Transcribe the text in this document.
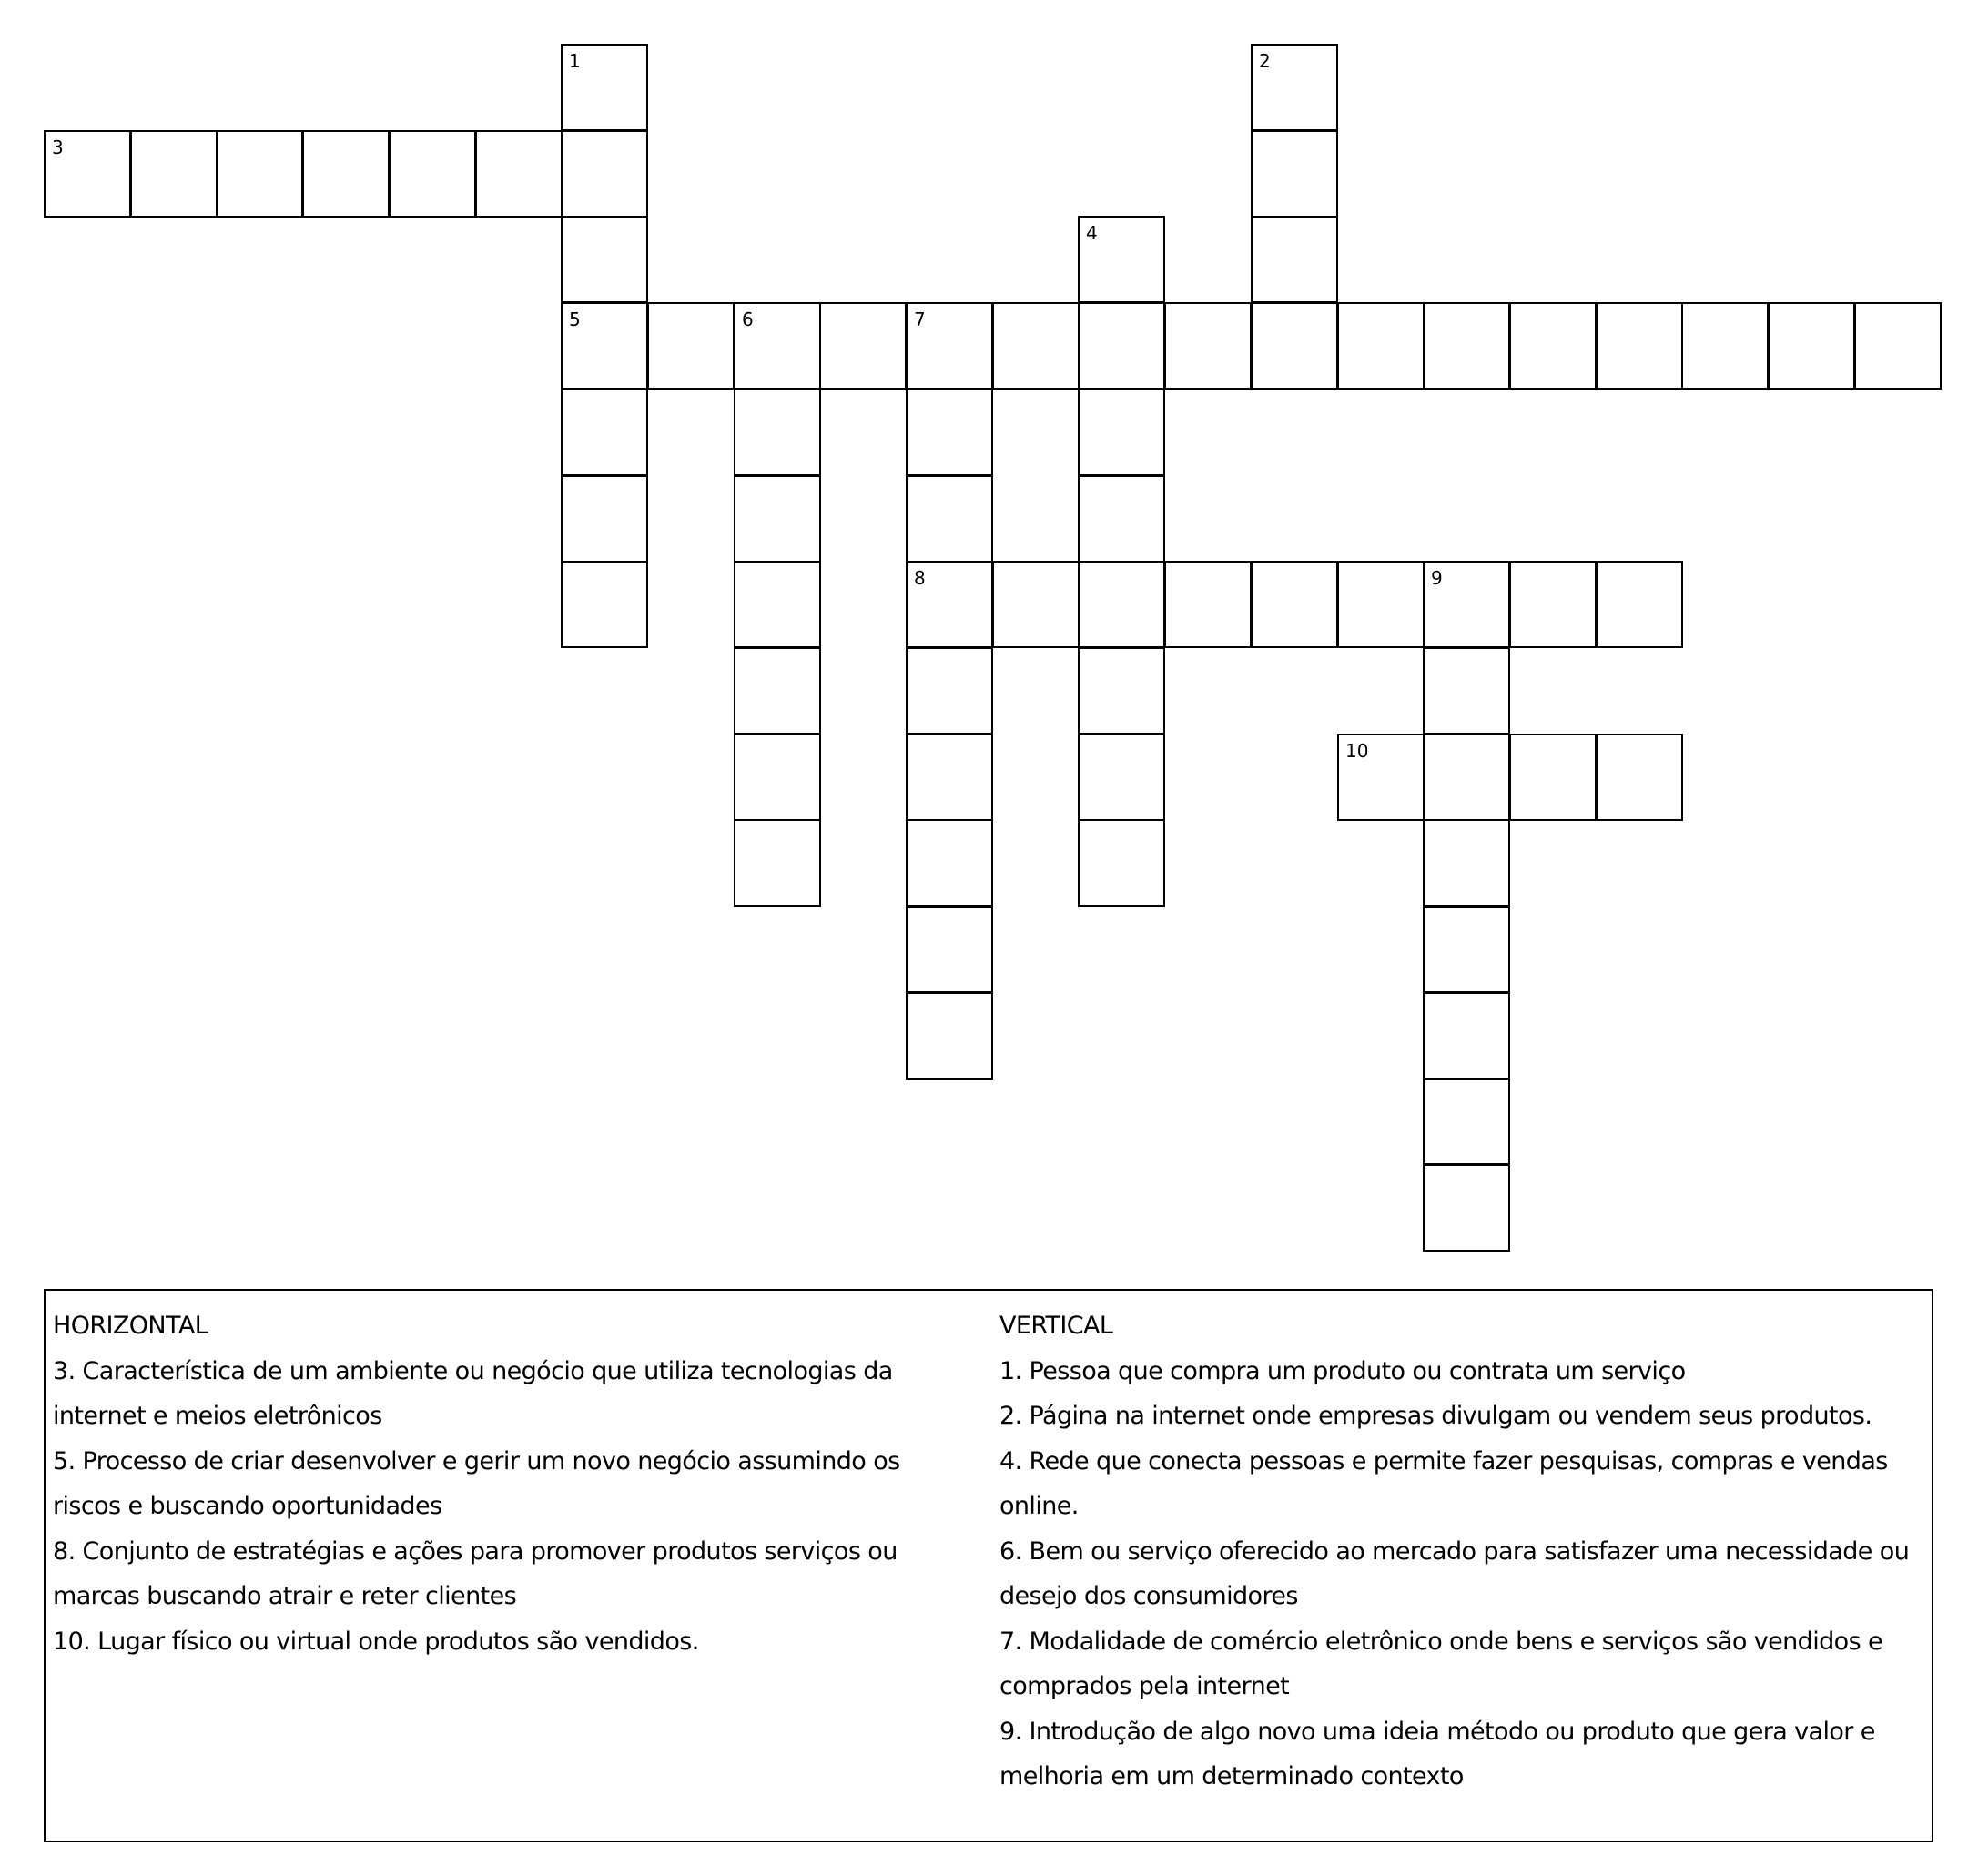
1
5
2
3
4
6	7
8	9
10
HORIZONTAL
3. Característica de um ambiente ou negócio que utiliza tecnologias da internet e meios eletrônicos
5. Processo de criar desenvolver e gerir um novo negócio assumindo os riscos e buscando oportunidades
8. Conjunto de estratégias e ações para promover produtos serviços ou marcas buscando atrair e reter clientes
10. Lugar físico ou virtual onde produtos são vendidos.
VERTICAL
1. Pessoa que compra um produto ou contrata um serviço
2. Página na internet onde empresas divulgam ou vendem seus produtos.
4. Rede que conecta pessoas e permite fazer pesquisas, compras e vendas online.
6. Bem ou serviço oferecido ao mercado para satisfazer uma necessidade ou desejo dos consumidores
7. Modalidade de comércio eletrônico onde bens e serviços são vendidos e comprados pela internet
9. Introdução de algo novo uma ideia método ou produto que gera valor e melhoria em um determinado contexto
